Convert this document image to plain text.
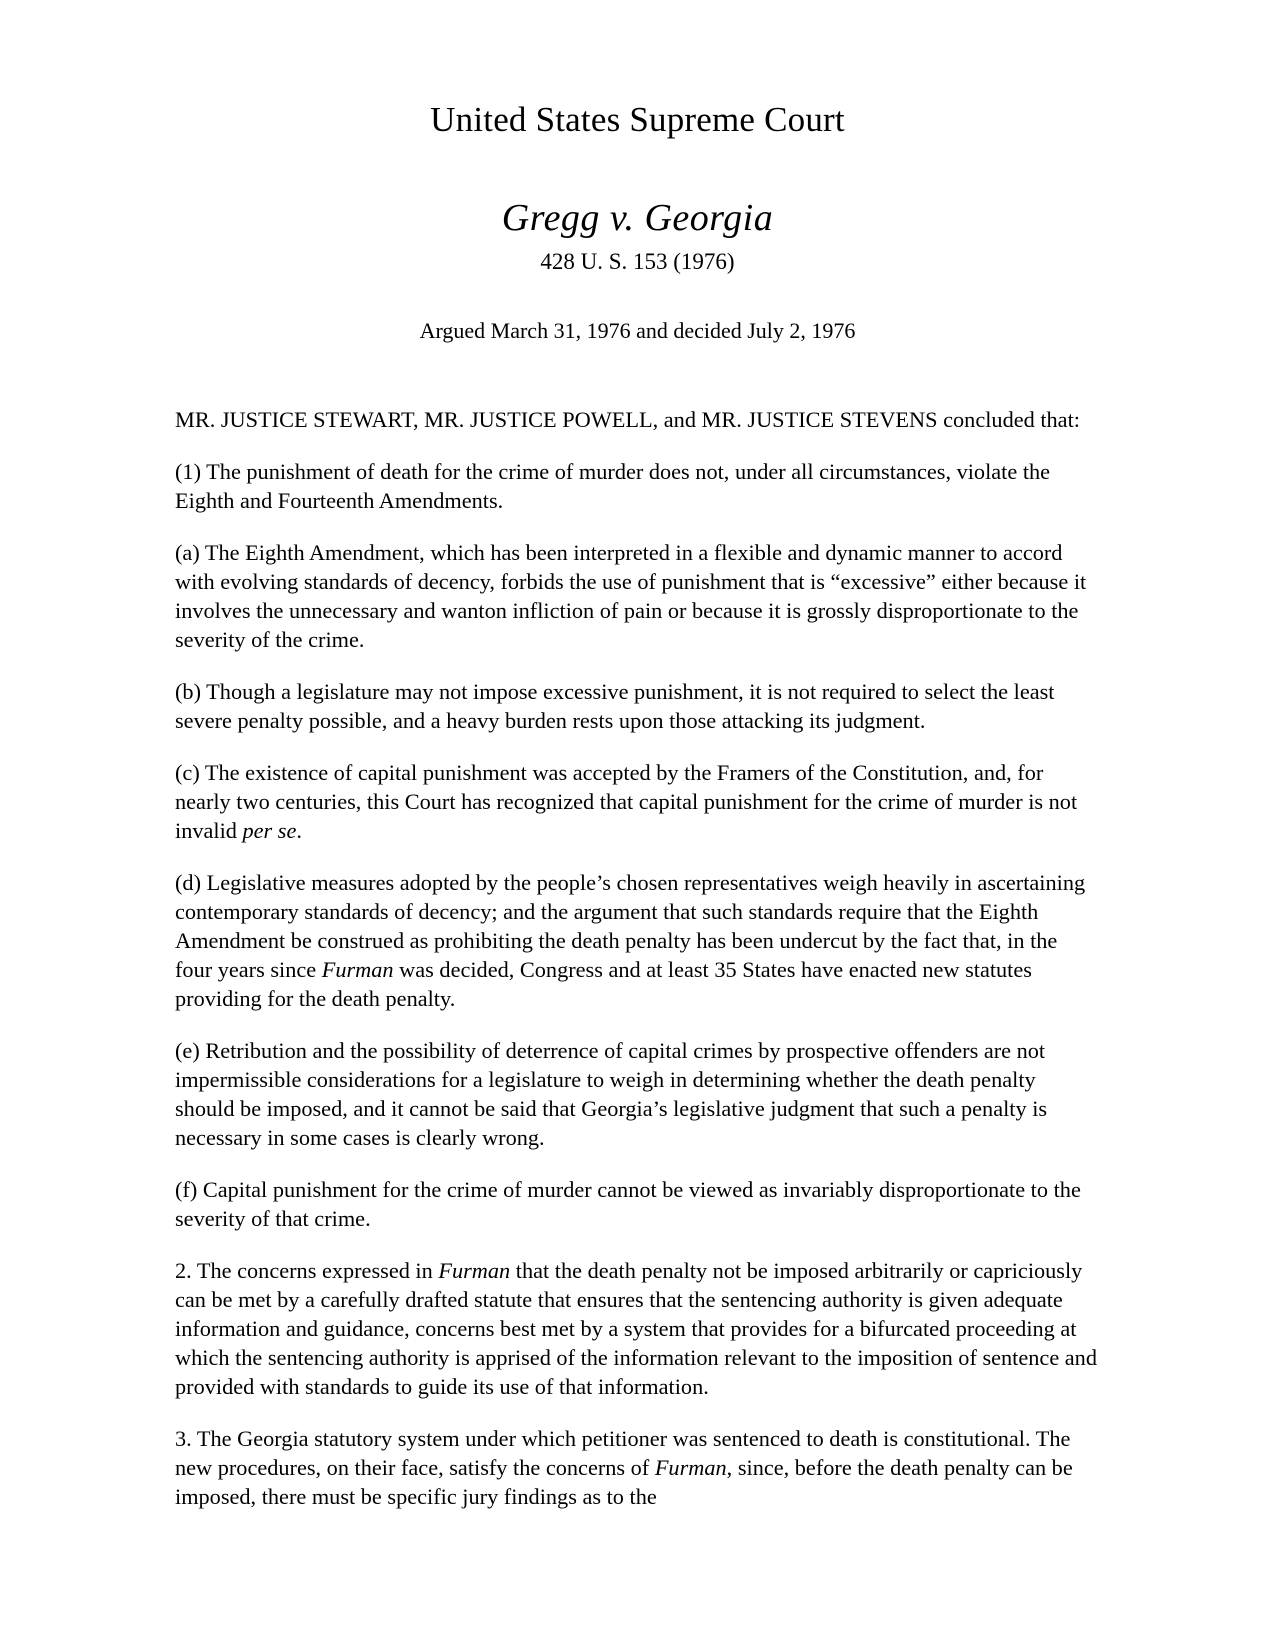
United States Supreme Court
Gregg v. Georgia
428 U. S. 153 (1976)
Argued March 31, 1976 and decided July 2, 1976

MR. JUSTICE STEWART, MR. JUSTICE POWELL, and MR. JUSTICE STEVENS concluded that:

(1) The punishment of death for the crime of murder does not, under all circumstances, violate the Eighth and Fourteenth Amendments.

(a) The Eighth Amendment, which has been interpreted in a flexible and dynamic manner to accord with evolving standards of decency, forbids the use of punishment that is “excessive” either because it involves the unnecessary and wanton infliction of pain or because it is grossly disproportionate to the severity of the crime.

(b) Though a legislature may not impose excessive punishment, it is not required to select the least severe penalty possible, and a heavy burden rests upon those attacking its judgment.

(c) The existence of capital punishment was accepted by the Framers of the Constitution, and, for nearly two centuries, this Court has recognized that capital punishment for the crime of murder is not invalid per se.

(d) Legislative measures adopted by the people’s chosen representatives weigh heavily in ascertaining contemporary standards of decency; and the argument that such standards require that the Eighth Amendment be construed as prohibiting the death penalty has been undercut by the fact that, in the four years since Furman was decided, Congress and at least 35 States have enacted new statutes providing for the death penalty.

(e) Retribution and the possibility of deterrence of capital crimes by prospective offenders are not impermissible considerations for a legislature to weigh in determining whether the death penalty should be imposed, and it cannot be said that Georgia’s legislative judgment that such a penalty is necessary in some cases is clearly wrong.

(f) Capital punishment for the crime of murder cannot be viewed as invariably disproportionate to the severity of that crime.

2. The concerns expressed in Furman that the death penalty not be imposed arbitrarily or capriciously can be met by a carefully drafted statute that ensures that the sentencing authority is given adequate information and guidance, concerns best met by a system that provides for a bifurcated proceeding at which the sentencing authority is apprised of the information relevant to the imposition of sentence and provided with standards to guide its use of that information.

3. The Georgia statutory system under which petitioner was sentenced to death is constitutional. The new procedures, on their face, satisfy the concerns of Furman, since, before the death penalty can be imposed, there must be specific jury findings as to the
